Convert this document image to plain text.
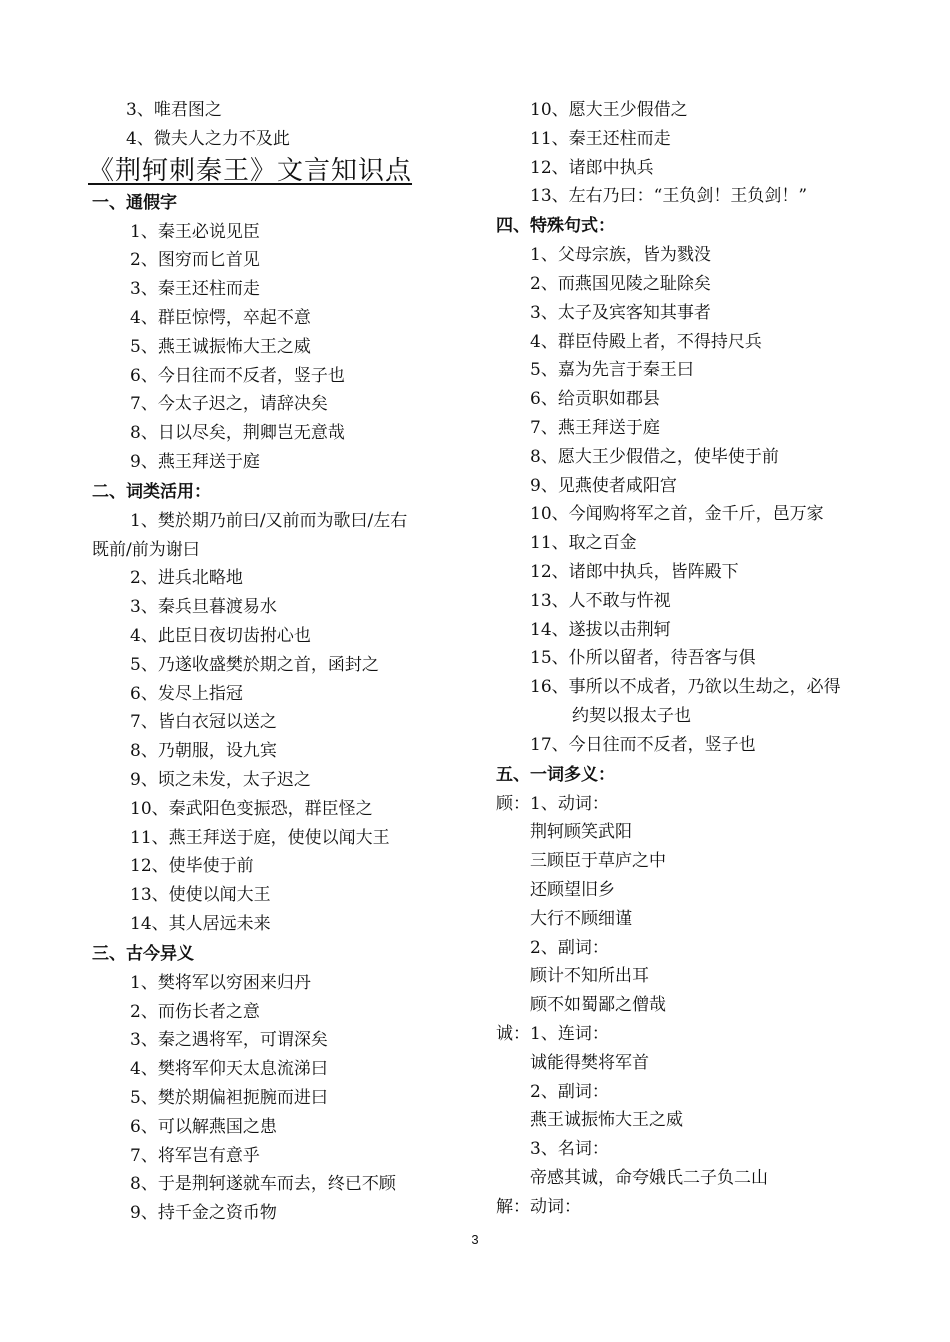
3、唯君图之
4、微夫人之力不及此
《荆轲刺秦王》文言知识点
一、通假字
1、秦王必说见臣
2、图穷而匕首见
3、秦王还柱而走
4、群臣惊愕，卒起不意
5、燕王诚振怖大王之威
6、今日往而不反者，竖子也
7、今太子迟之，请辞决矣
8、日以尽矣，荆卿岂无意哉
9、燕王拜送于庭
二、词类活用：
1、樊於期乃前曰/又前而为歌曰/左右
既前/前为谢曰
2、进兵北略地
3、秦兵旦暮渡易水
4、此臣日夜切齿拊心也
5、乃遂收盛樊於期之首，函封之
6、发尽上指冠
7、皆白衣冠以送之
8、乃朝服，设九宾
9、顷之未发，太子迟之
10、秦武阳色变振恐，群臣怪之
11、燕王拜送于庭，使使以闻大王
12、使毕使于前
13、使使以闻大王
14、其人居远未来
三、古今异义
1、樊将军以穷困来归丹
2、而伤长者之意
3、秦之遇将军，可谓深矣
4、樊将军仰天太息流涕曰
5、樊於期偏袒扼腕而进曰
6、可以解燕国之患
7、将军岂有意乎
8、于是荆轲遂就车而去，终已不顾
9、持千金之资币物
10、愿大王少假借之
11、秦王还柱而走
12、诸郎中执兵
13、左右乃曰：“王负剑！王负剑！”
四、特殊句式：
1、父母宗族，皆为戮没
2、而燕国见陵之耻除矣
3、太子及宾客知其事者
4、群臣侍殿上者，不得持尺兵
5、嘉为先言于秦王曰
6、给贡职如郡县
7、燕王拜送于庭
8、愿大王少假借之，使毕使于前
9、见燕使者咸阳宫
10、今闻购将军之首，金千斤，邑万家
11、取之百金
12、诸郎中执兵，皆阵殿下
13、人不敢与忤视
14、遂拔以击荆轲
15、仆所以留者，待吾客与俱
16、事所以不成者，乃欲以生劫之，必得
约契以报太子也
17、今日往而不反者，竖子也
五、一词多义：
顾：1、动词：
荆轲顾笑武阳
三顾臣于草庐之中
还顾望旧乡
大行不顾细谨
2、副词：
顾计不知所出耳
顾不如蜀鄙之僧哉
诚：1、连词：
诚能得樊将军首
2、副词：
燕王诚振怖大王之威
3、名词：
帝感其诚，命夸娥氏二子负二山
解：动词：
3
